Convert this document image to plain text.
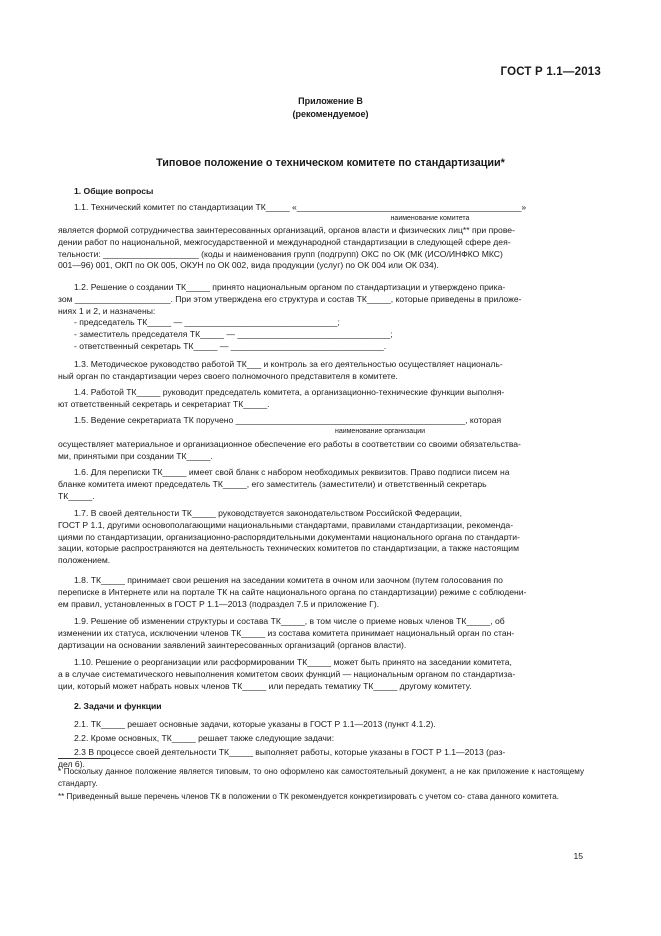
ГОСТ Р 1.1—2013
Приложение В
(рекомендуемое)
Типовое положение о техническом комитете по стандартизации*
1. Общие вопросы
1.1. Технический комитет по стандартизации ТК_____ «_______________________________________________»
наименование комитета
является формой сотрудничества заинтересованных организаций, органов власти и физических лиц** при прове-
дении работ по национальной, межгосударственной и международной стандартизации в следующей сфере дея-
тельности: ____________________ (коды и наименования групп (подгрупп) ОКС по ОК (МК (ИСО/ИНФКО МКС)
001—96) 001, ОКП по ОК 005, ОКУН по ОК 002, вида продукции (услуг) по ОК 004 или ОК 034).
1.2. Решение о создании ТК_____ принято национальным органом по стандартизации и утверждено прика-
зом ____________________. При этом утверждена его структура и состав ТК_____, которые приведены в приложе-
ниях 1 и 2, и назначены:
- председатель ТК_____ — ________________________________;
- заместитель председателя ТК_____ — ________________________________;
- ответственный секретарь ТК_____ — ________________________________.
1.3. Методическое руководство работой ТК___ и контроль за его деятельностью осуществляет националь-
ный орган по стандартизации через своего полномочного представителя в комитете.
1.4. Работой ТК_____ руководит председатель комитета, а организационно-технические функции выполня-
ют ответственный секретарь и секретариат ТК_____.
1.5. Ведение секретариата ТК поручено ________________________________________________, которая
наименование организации
осуществляет материальное и организационное обеспечение его работы в соответствии со своими обязательства-
ми, принятыми при создании ТК_____.
1.6. Для переписки ТК_____ имеет свой бланк с набором необходимых реквизитов. Право подписи писем на
бланке комитета имеют председатель ТК_____, его заместитель (заместители) и ответственный секретарь
ТК_____.
1.7. В своей деятельности ТК_____ руководствуется законодательством Российской Федерации,
ГОСТ Р 1.1, другими основополагающими национальными стандартами, правилами стандартизации, рекоменда-
циями по стандартизации, организационно-распорядительными документами национального органа по стандарти-
зации, которые распространяются на деятельность технических комитетов по стандартизации, а также настоящим
положением.
1.8. ТК_____ принимает свои решения на заседании комитета в очном или заочном (путем голосования по
переписке в Интернете или на портале ТК на сайте национального органа по стандартизации) режиме с соблюдени-
ем правил, установленных в ГОСТ Р 1.1—2013 (подраздел 7.5 и приложение Г).
1.9. Решение об изменении структуры и состава ТК_____, в том числе о приеме новых членов ТК_____, об
изменении их статуса, исключении членов ТК_____ из состава комитета принимает национальный орган по стан-
дартизации на основании заявлений заинтересованных организаций (органов власти).
1.10. Решение о реорганизации или расформировании ТК_____ может быть принято на заседании комитета,
а в случае систематического невыполнения комитетом своих функций — национальным органом по стандартиза-
ции, который может набрать новых членов ТК_____ или передать тематику ТК_____ другому комитету.
2. Задачи и функции
2.1. ТК_____ решает основные задачи, которые указаны в ГОСТ Р 1.1—2013 (пункт 4.1.2).
2.2. Кроме основных, ТК_____ решает также следующие задачи:
2.3 В процессе своей деятельности ТК_____ выполняет работы, которые указаны в ГОСТ Р 1.1—2013 (раз-
дел 6).
* Поскольку данное положение является типовым, то оно оформлено как самостоятельный документ, а не как приложение к настоящему стандарту.
** Приведенный выше перечень членов ТК в положении о ТК рекомендуется конкретизировать с учетом со- става данного комитета.
15
